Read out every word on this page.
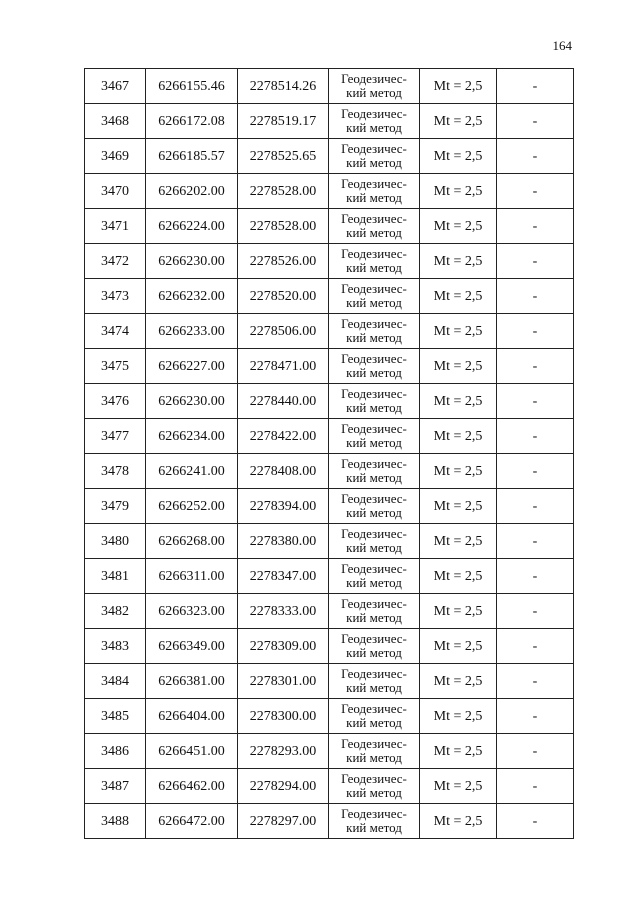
164
3467	6266155.46	2278514.26	Геодезичес-
кий метод	Mt = 2,5	-
3468	6266172.08	2278519.17	Геодезичес-
кий метод	Mt = 2,5	-
3469	6266185.57	2278525.65	Геодезичес-
кий метод	Mt = 2,5	-
3470	6266202.00	2278528.00	Геодезичес-
кий метод	Mt = 2,5	-
3471	6266224.00	2278528.00	Геодезичес-
кий метод	Mt = 2,5	-
3472	6266230.00	2278526.00	Геодезичес-
кий метод	Mt = 2,5	-
3473	6266232.00	2278520.00	Геодезичес-
кий метод	Mt = 2,5	-
3474	6266233.00	2278506.00	Геодезичес-
кий метод	Mt = 2,5	-
3475	6266227.00	2278471.00	Геодезичес-
кий метод	Mt = 2,5	-
3476	6266230.00	2278440.00	Геодезичес-
кий метод	Mt = 2,5	-
3477	6266234.00	2278422.00	Геодезичес-
кий метод	Mt = 2,5	-
3478	6266241.00	2278408.00	Геодезичес-
кий метод	Mt = 2,5	-
3479	6266252.00	2278394.00	Геодезичес-
кий метод	Mt = 2,5	-
3480	6266268.00	2278380.00	Геодезичес-
кий метод	Mt = 2,5	-
3481	6266311.00	2278347.00	Геодезичес-
кий метод	Mt = 2,5	-
3482	6266323.00	2278333.00	Геодезичес-
кий метод	Mt = 2,5	-
3483	6266349.00	2278309.00	Геодезичес-
кий метод	Mt = 2,5	-
3484	6266381.00	2278301.00	Геодезичес-
кий метод	Mt = 2,5	-
3485	6266404.00	2278300.00	Геодезичес-
кий метод	Mt = 2,5	-
3486	6266451.00	2278293.00	Геодезичес-
кий метод	Mt = 2,5	-
3487	6266462.00	2278294.00	Геодезичес-
кий метод	Mt = 2,5	-
3488	6266472.00	2278297.00	Геодезичес-
кий метод	Mt = 2,5	-
